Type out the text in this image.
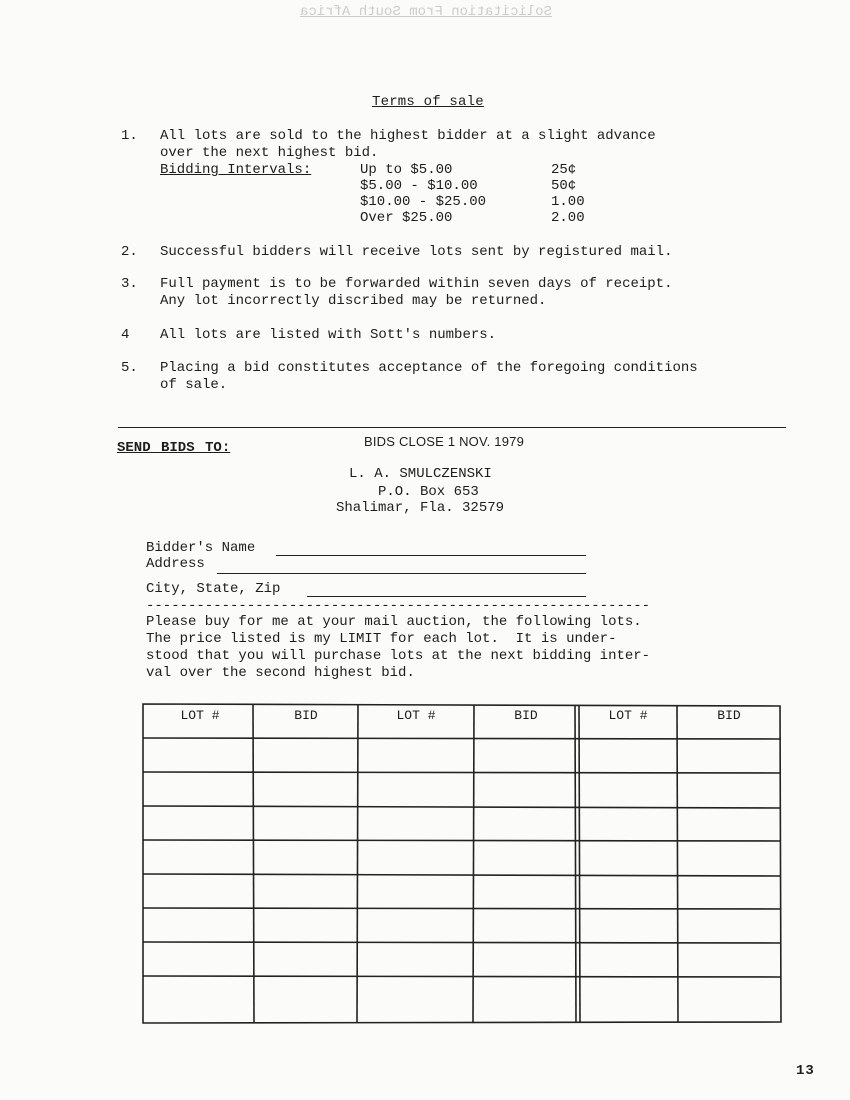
Solicitation From South Africa
Terms of sale
1.	All lots are sold to the highest bidder at a slight advance
over the next highest bid.
Bidding Intervals:	Up to $5.00	25¢
$5.00 - $10.00	50¢
$10.00 - $25.00	1.00
Over $25.00	2.00
2.	Successful bidders will receive lots sent by registured mail.
3.	Full payment is to be forwarded within seven days of receipt.
Any lot incorrectly discribed may be returned.
4	All lots are listed with Sott's numbers.
5.	Placing a bid constitutes acceptance of the foregoing conditions
of sale.
SEND BIDS TO:	BIDS CLOSE 1 NOV. 1979
L. A. SMULCZENSKI
P.O. Box 653
Shalimar, Fla. 32579
Bidder's Name
Address
City, State, Zip
------------------------------------------------------------
Please buy for me at your mail auction, the following lots.
The price listed is my LIMIT for each lot.  It is under-
stood that you will purchase lots at the next bidding inter-
val over the second highest bid.
LOT #	BID	LOT #	BID	LOT #	BID
13
